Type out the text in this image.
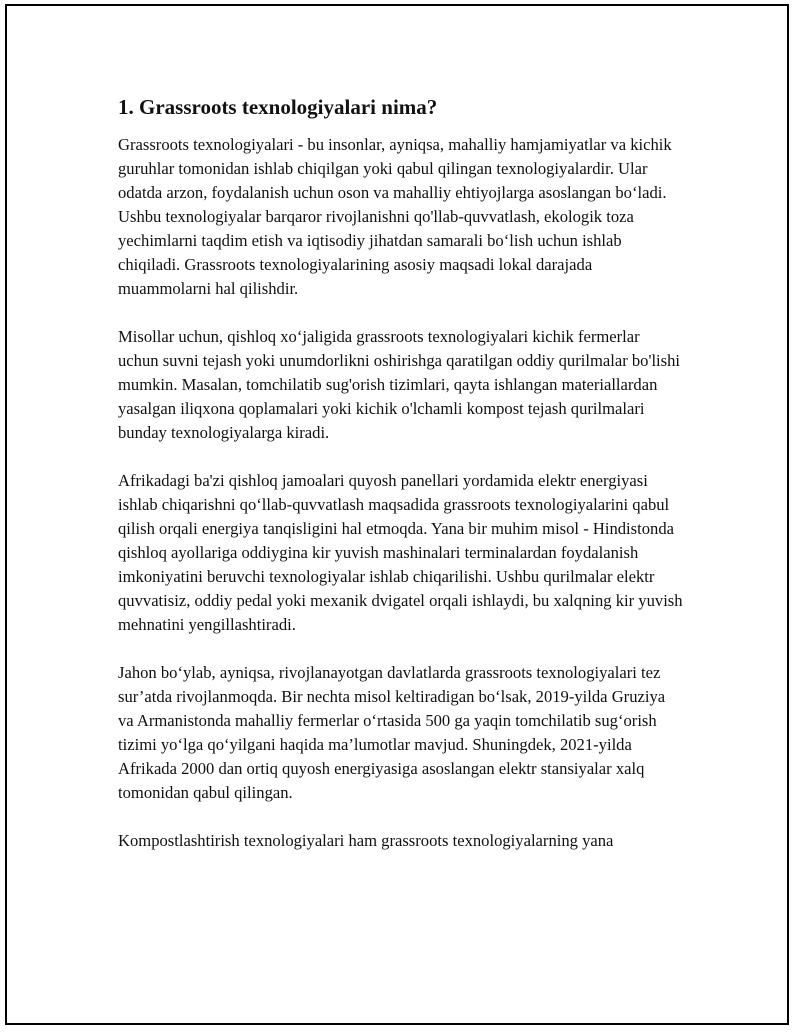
1. Grassroots texnologiyalari nima?

Grassroots texnologiyalari - bu insonlar, ayniqsa, mahalliy hamjamiyatlar va kichik guruhlar tomonidan ishlab chiqilgan yoki qabul qilingan texnologiyalardir. Ular odatda arzon, foydalanish uchun oson va mahalliy ehtiyojlarga asoslangan bo‘ladi. Ushbu texnologiyalar barqaror rivojlanishni qo'llab-quvvatlash, ekologik toza yechimlarni taqdim etish va iqtisodiy jihatdan samarali bo‘lish uchun ishlab chiqiladi. Grassroots texnologiyalarining asosiy maqsadi lokal darajada muammolarni hal qilishdir.

Misollar uchun, qishloq xo‘jaligida grassroots texnologiyalari kichik fermerlar uchun suvni tejash yoki unumdorlikni oshirishga qaratilgan oddiy qurilmalar bo'lishi mumkin. Masalan, tomchilatib sug'orish tizimlari, qayta ishlangan materiallardan yasalgan iliqxona qoplamalari yoki kichik o'lchamli kompost tejash qurilmalari bunday texnologiyalarga kiradi.

Afrikadagi ba'zi qishloq jamoalari quyosh panellari yordamida elektr energiyasi ishlab chiqarishni qo‘llab-quvvatlash maqsadida grassroots texnologiyalarini qabul qilish orqali energiya tanqisligini hal etmoqda. Yana bir muhim misol - Hindistonda qishloq ayollariga oddiygina kir yuvish mashinalari terminalardan foydalanish imkoniyatini beruvchi texnologiyalar ishlab chiqarilishi. Ushbu qurilmalar elektr quvvatisiz, oddiy pedal yoki mexanik dvigatel orqali ishlaydi, bu xalqning kir yuvish mehnatini yengillashtiradi.

Jahon bo‘ylab, ayniqsa, rivojlanayotgan davlatlarda grassroots texnologiyalari tez sur’atda rivojlanmoqda. Bir nechta misol keltiradigan bo‘lsak, 2019-yilda Gruziya va Armanistonda mahalliy fermerlar o‘rtasida 500 ga yaqin tomchilatib sug‘orish tizimi yo‘lga qo‘yilgani haqida ma’lumotlar mavjud. Shuningdek, 2021-yilda Afrikada 2000 dan ortiq quyosh energiyasiga asoslangan elektr stansiyalar xalq tomonidan qabul qilingan.

Kompostlashtirish texnologiyalari ham grassroots texnologiyalarning yana
